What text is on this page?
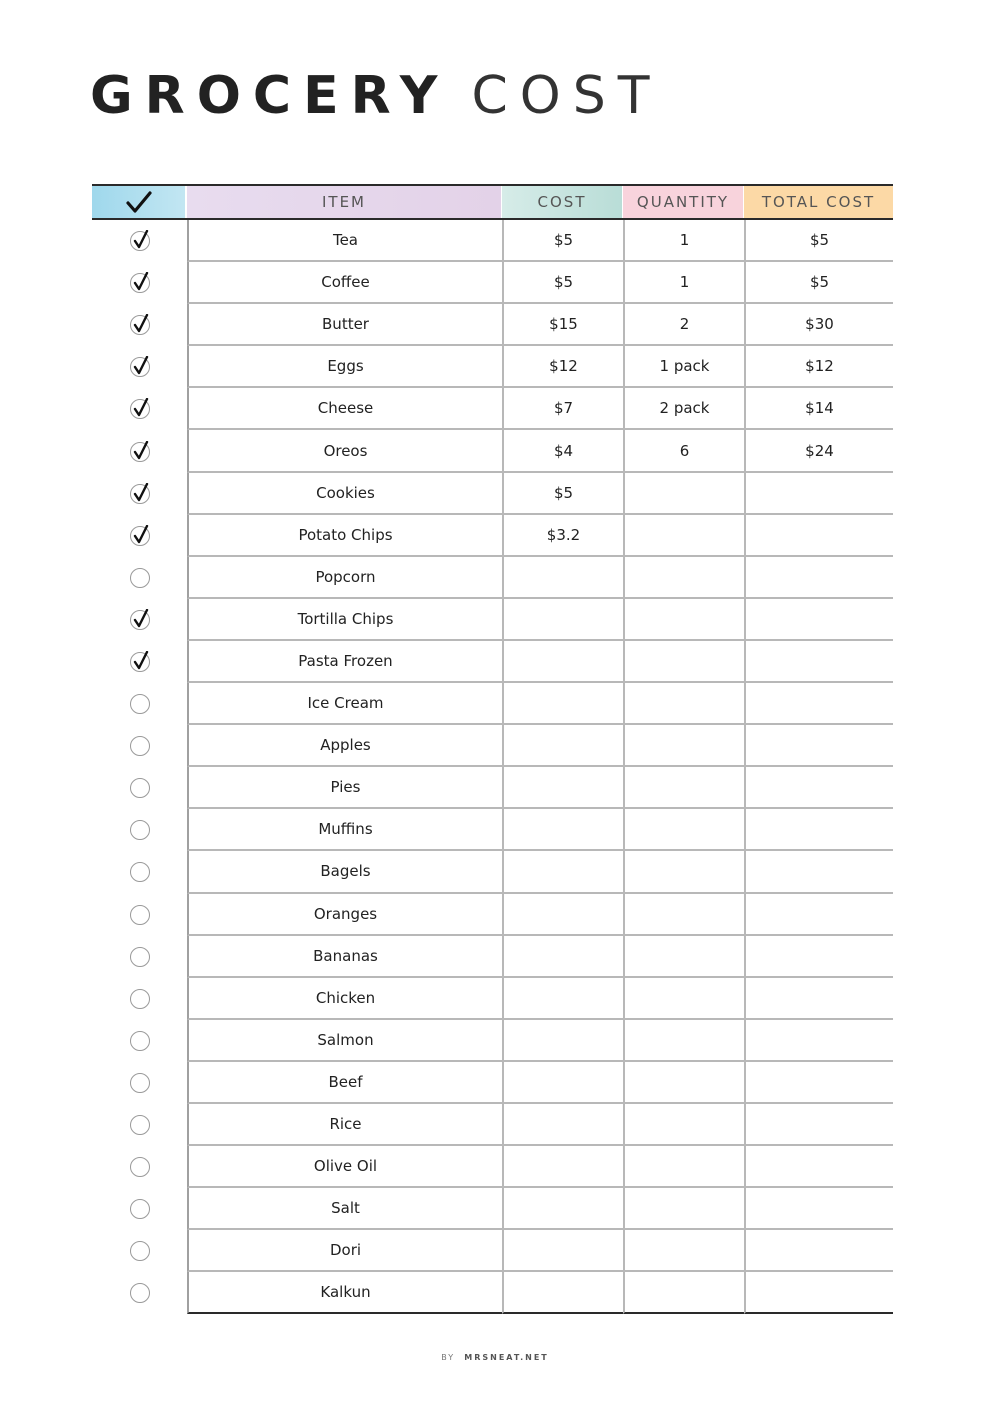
GROCERY COST
ITEM	COST	QUANTITY	TOTAL COST
Tea	$5	1	$5
Coffee	$5	1	$5
Butter	$15	2	$30
Eggs	$12	1 pack	$12
Cheese	$7	2 pack	$14
Oreos	$4	6	$24
Cookies	$5
Potato Chips	$3.2
Popcorn
Tortilla Chips
Pasta Frozen
Ice Cream
Apples
Pies
Muffins
Bagels
Oranges
Bananas
Chicken
Salmon
Beef
Rice
Olive Oil
Salt
Dori
Kalkun
BY MRSNEAT.NET
